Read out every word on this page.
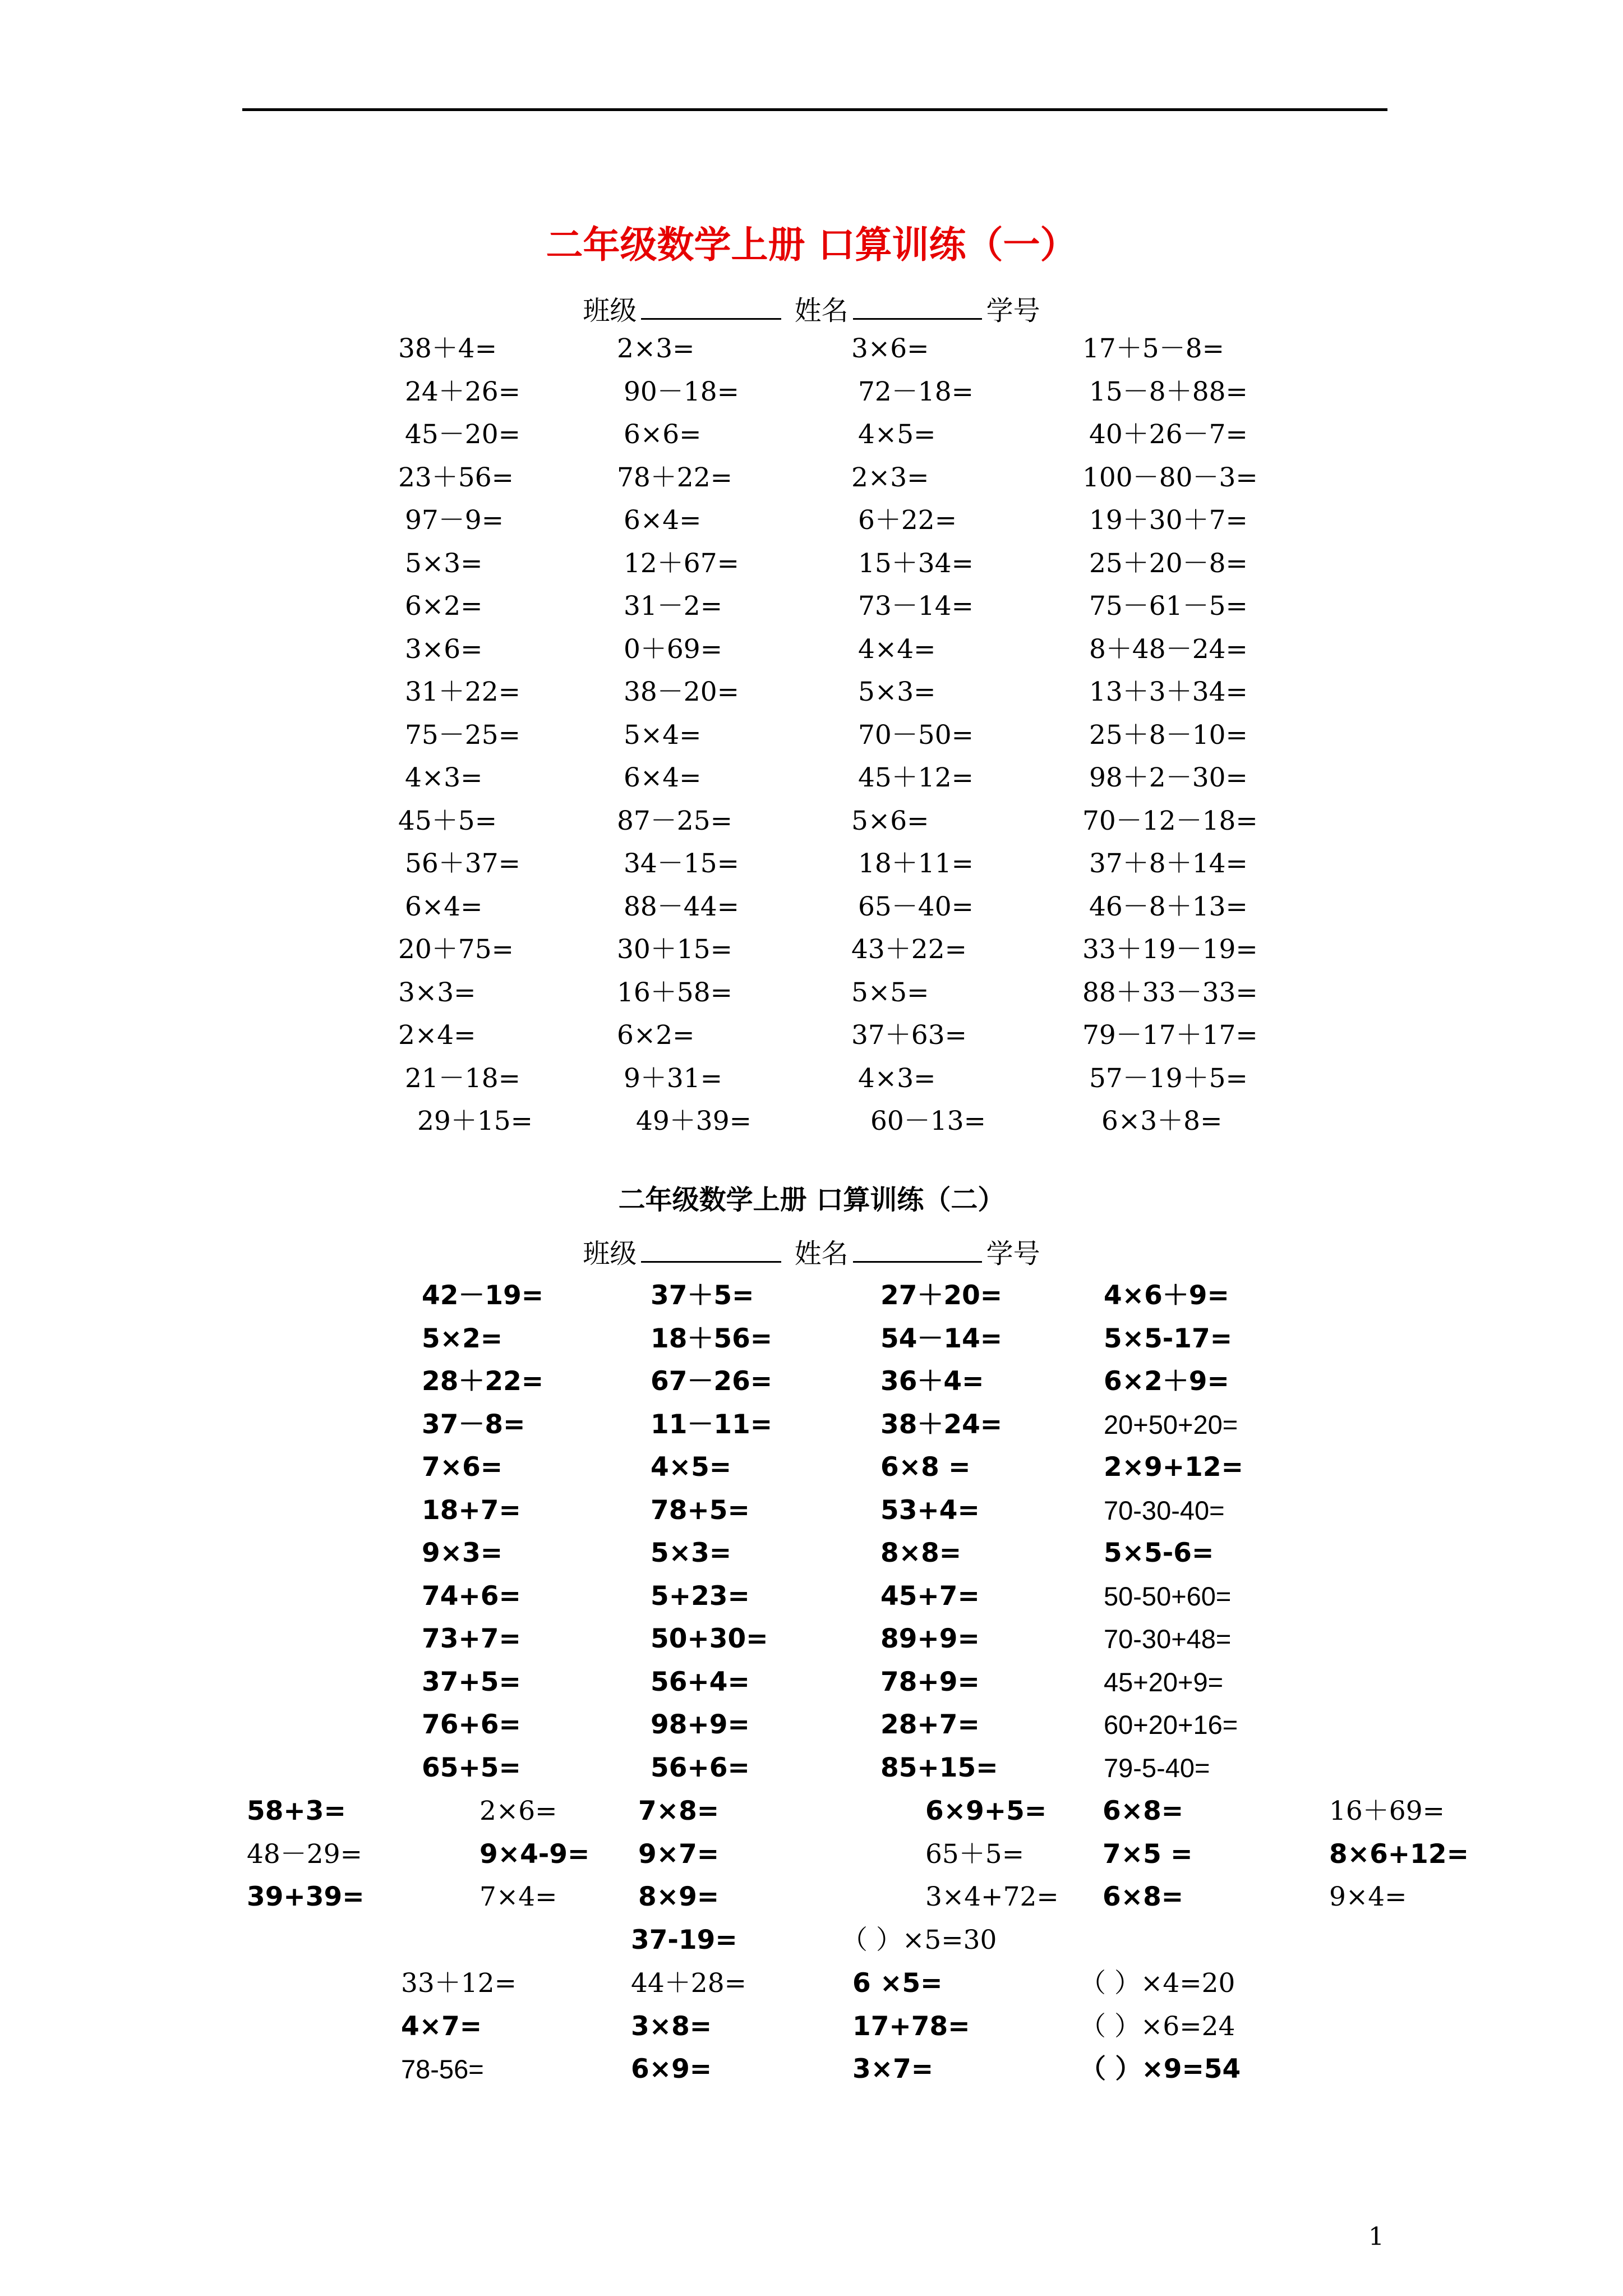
二年级数学上册 口算训练（一）
班级	姓名	学号
38＋4=	2×3=	3×6=	17＋5－8=
24＋26=	90－18=	72－18=	15－8＋88=
45－20=	6×6=	4×5=	40＋26－7=
23＋56=	78＋22=	2×3=	100－80－3=
97－9=	6×4=	6＋22=	19＋30＋7=
5×3=	12＋67=	15＋34=	25＋20－8=
6×2=	31－2=	73－14=	75－61－5=
3×6=	0＋69=	4×4=	8＋48－24=
31＋22=	38－20=	5×3=	13＋3＋34=
75－25=	5×4=	70－50=	25＋8－10=
4×3=	6×4=	45＋12=	98＋2－30=
45＋5=	87－25=	5×6=	70－12－18=
56＋37=	34－15=	18＋11=	37＋8＋14=
6×4=	88－44=	65－40=	46－8＋13=
20＋75=	30＋15=	43＋22=	33＋19－19=
3×3=	16＋58=	5×5=	88＋33－33=
2×4=	6×2=	37＋63=	79－17＋17=
21－18=	9＋31=	4×3=	57－19＋5=
29＋15=	49＋39=	60－13=	6×3＋8=
二年级数学上册 口算训练（二）
班级	姓名	学号
42－19=	37＋5=	27＋20=	4×6＋9=
5×2=	18＋56=	54－14=	5×5-17=
28＋22=	67－26=	36＋4=	6×2＋9=
37－8=	11－11=	38＋24=	20+50+20=
7×6=	4×5=	6×8 =	2×9+12=
18+7=	78+5=	53+4=	70-30-40=
9×3=	5×3=	8×8=	5×5-6=
74+6=	5+23=	45+7=	50-50+60=
73+7=	50+30=	89+9=	70-30+48=
37+5=	56+4=	78+9=	45+20+9=
76+6=	98+9=	28+7=	60+20+16=
65+5=	56+6=	85+15=	79-5-40=
58+3=	2×6=	7×8=	6×9+5= 6×8=	16＋69=
48－29=	9×4-9= 9×7=	65＋5=	7×5 =	8×6+12=
39+39=	7×4=	8×9=	3×4+72= 6×8=	9×4=
37-19=	（ ）×5=30
33＋12=	44＋28=	6 ×5=	（ ）×4=20
4×7=	3×8=	17+78=	（ ）×6=24
78-56=	6×9=	3×7=	（ ）×9=54
1
